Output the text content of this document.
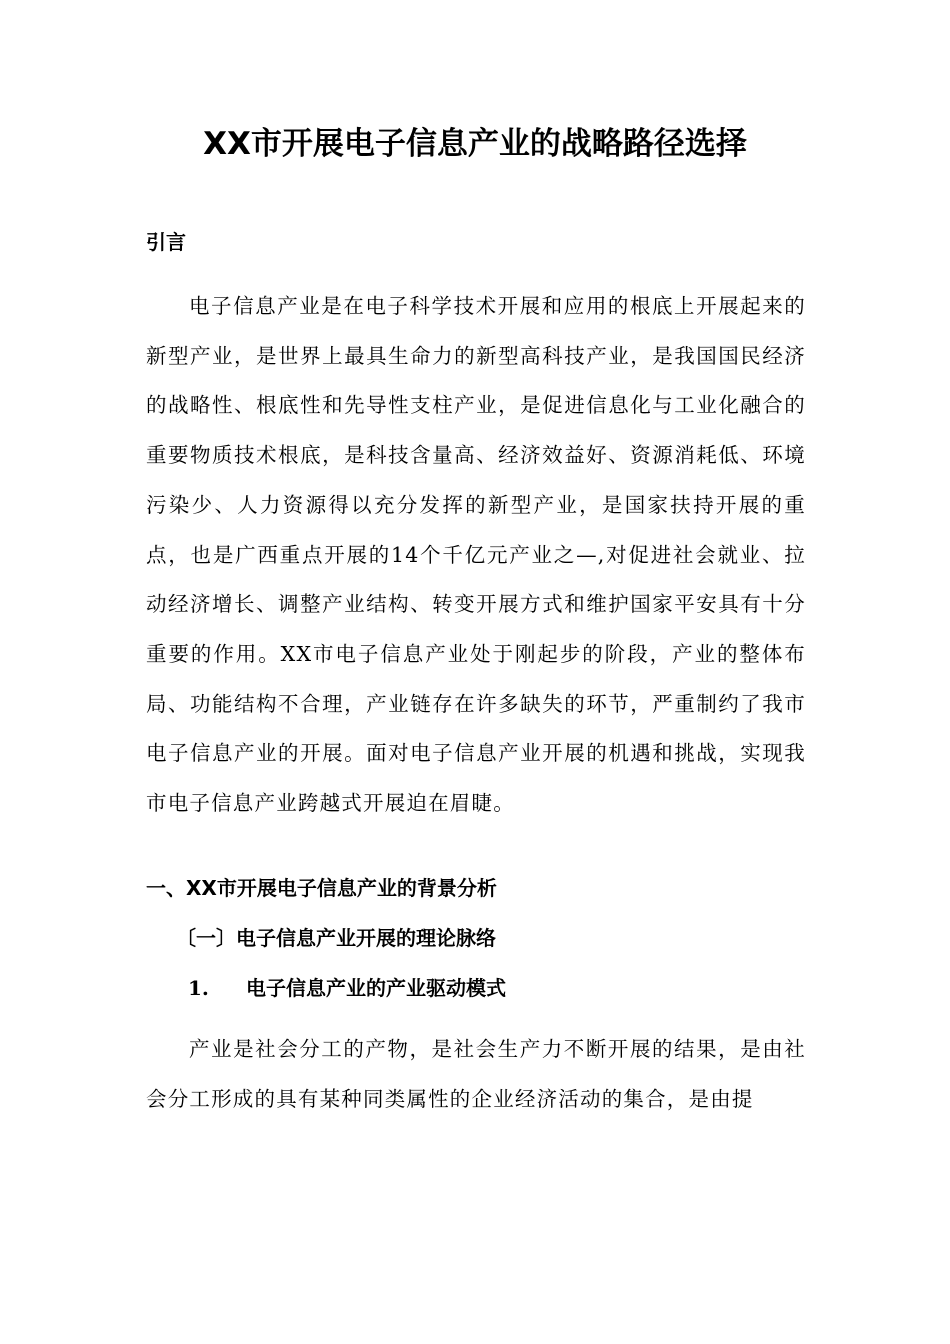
XX市开展电子信息产业的战略路径选择
引言

电子信息产业是在电子科学技术开展和应用的根底上开展起来的新型产业，是世界上最具生命力的新型高科技产业，是我国国民经济的战略性、根底性和先导性支柱产业，是促进信息化与工业化融合的重要物质技术根底，是科技含量高、经济效益好、资源消耗低、环境污染少、人力资源得以充分发挥的新型产业，是国家扶持开展的重点，也是广西重点开展的14个千亿元产业之—,对促进社会就业、拉动经济增长、调整产业结构、转变开展方式和维护国家平安具有十分重要的作用。XX市电子信息产业处于刚起步的阶段，产业的整体布局、功能结构不合理，产业链存在许多缺失的环节，严重制约了我市电子信息产业的开展。面对电子信息产业开展的机遇和挑战，实现我市电子信息产业跨越式开展迫在眉睫。

一、XX市开展电子信息产业的背景分析
〔一〕电子信息产业开展的理论脉络
1. 电子信息产业的产业驱动模式

产业是社会分工的产物，是社会生产力不断开展的结果，是由社会分工形成的具有某种同类属性的企业经济活动的集合，是由提
